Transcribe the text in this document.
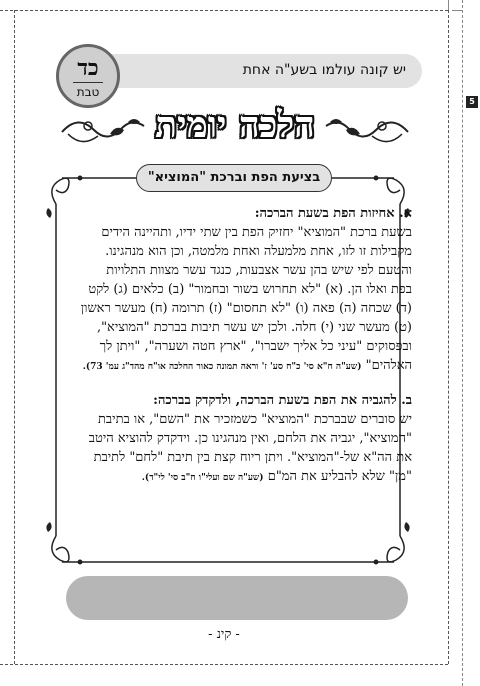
5
יש קונה עולמו בשע"ה אחת
כד
טבת
הלכה יומית
בציעת הפת וברכת "המוציא"

א. אחיזות הפת בשעת הברכה:

בשעת ברכת "המוציא" יחזיק הפת בין שתי ידיו, ותהיינה הידים

מקבילות זו לזו, אחת מלמעלה ואחת מלמטה, וכן הוא מנהגינו.

והטעם לפי שיש בהן עשר אצבעות, כנגד עשר מצוות התלויות

בפת ואלו הן. (א) "לא תחרוש בשור ובחמור" (ב) כלאים (ג) לקט

(ד) שכחה (ה) פאה (ו) "לא תחסום" (ז) תרומה (ח) מעשר ראשון

(ט) מעשר שני (י) חלה. ולכן יש עשר תיבות בברכת "המוציא",

ובפסוקים "עיני כל אליך ישברו", "ארץ חטה ושערה", "ויתן לך

האלהים" (שע"ה ח"א סי' כ"ח סע' ז' וראה תמונה כאור החלכה או"ח מהד"ג עמ' 73).

ב. להגביה את הפת בשעת הברכה, ולדקדק בברכה:

יש סוברים שבברכת "המוציא" כשמזכיר את "השם", או בתיבת

"המוציא", יגביה את הלחם, ואין מנהגינו כן. וידקדק להוציא היטב

את הה"א של-"המוציא". ויתן ריוח קצת בין תיבת "לחם" לתיבת

"מן" שלא להבליע את המ"ם (שע"ה שם ועלי"ו ח"ב סי' לי"ד).

- קינ -
